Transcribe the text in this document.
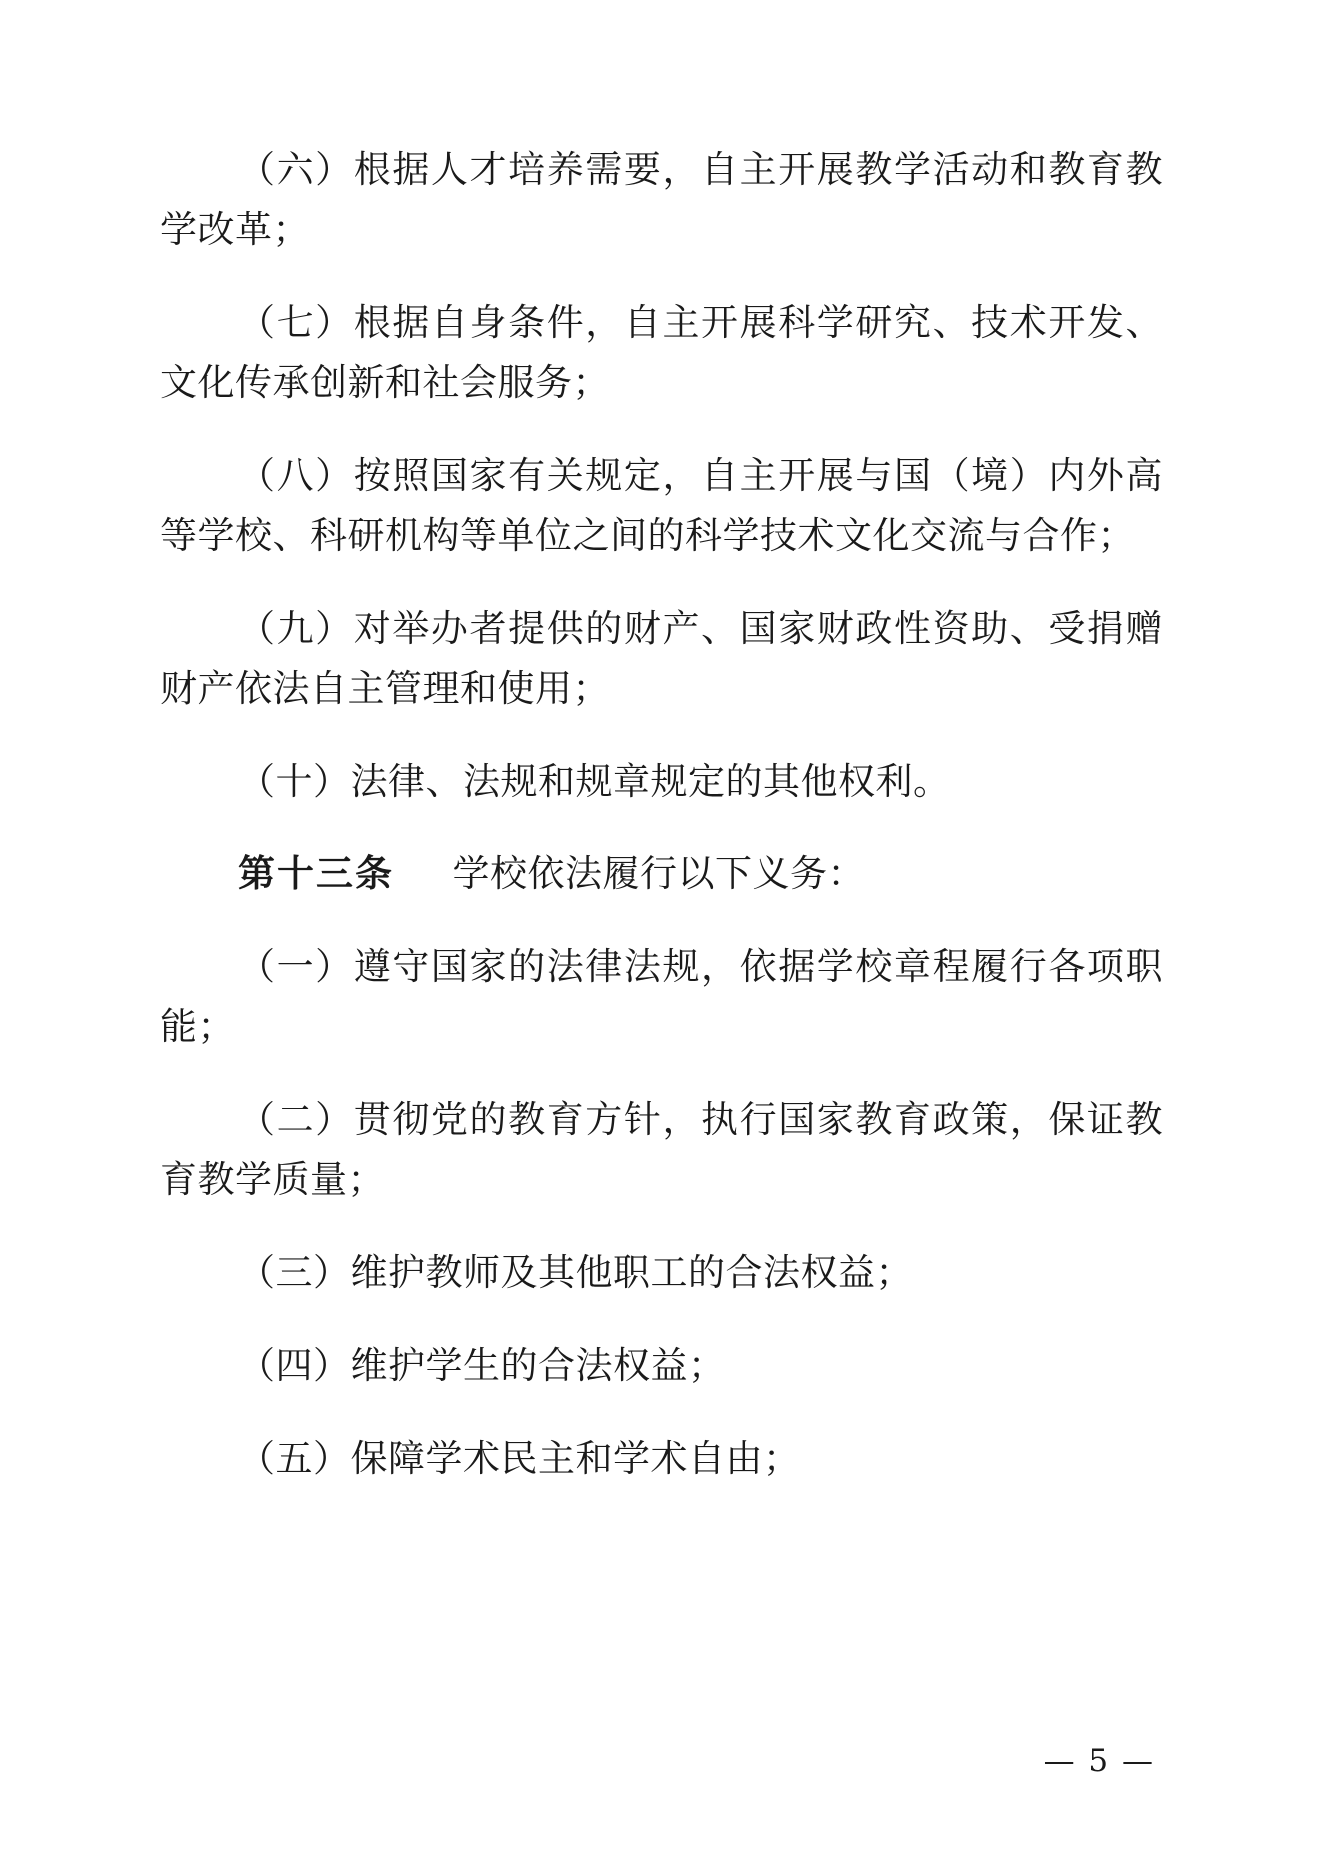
（六）根据人才培养需要，自主开展教学活动和教育教学改革；

（七）根据自身条件，自主开展科学研究、技术开发、文化传承创新和社会服务；

（八）按照国家有关规定，自主开展与国（境）内外高等学校、科研机构等单位之间的科学技术文化交流与合作；

（九）对举办者提供的财产、国家财政性资助、受捐赠财产依法自主管理和使用；

（十）法律、法规和规章规定的其他权利。

第十三条 学校依法履行以下义务：

（一）遵守国家的法律法规，依据学校章程履行各项职能；

（二）贯彻党的教育方针，执行国家教育政策，保证教育教学质量；

（三）维护教师及其他职工的合法权益；

（四）维护学生的合法权益；

（五）保障学术民主和学术自由；

— 5 —
